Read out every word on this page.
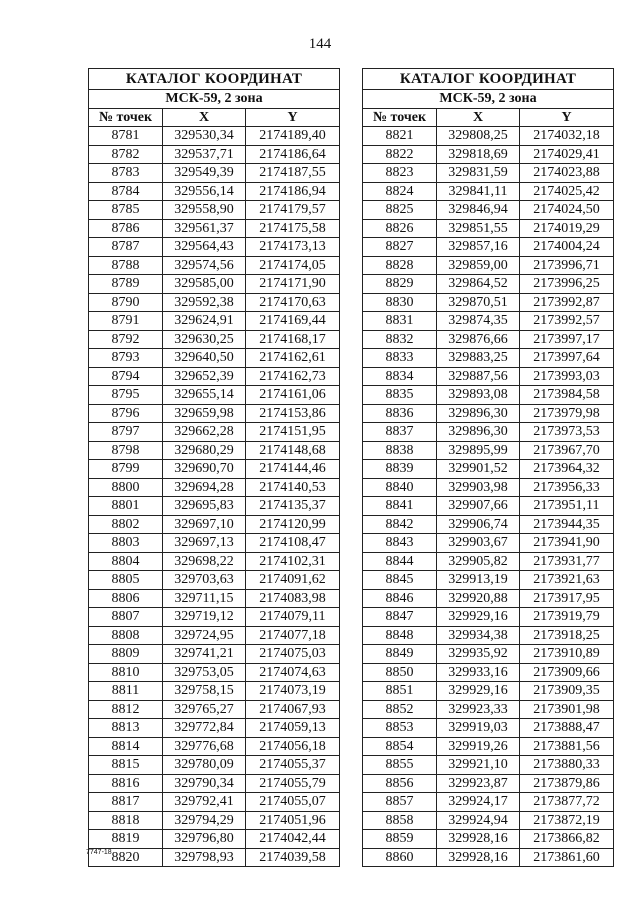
144
КАТАЛОГ КООРДИНАТ		
МСК-59, 2 зона		
№ точек	X	Y
8781	329530,34	2174189,40
8782	329537,71	2174186,64
8783	329549,39	2174187,55
8784	329556,14	2174186,94
8785	329558,90	2174179,57
8786	329561,37	2174175,58
8787	329564,43	2174173,13
8788	329574,56	2174174,05
8789	329585,00	2174171,90
8790	329592,38	2174170,63
8791	329624,91	2174169,44
8792	329630,25	2174168,17
8793	329640,50	2174162,61
8794	329652,39	2174162,73
8795	329655,14	2174161,06
8796	329659,98	2174153,86
8797	329662,28	2174151,95
8798	329680,29	2174148,68
8799	329690,70	2174144,46
8800	329694,28	2174140,53
8801	329695,83	2174135,37
8802	329697,10	2174120,99
8803	329697,13	2174108,47
8804	329698,22	2174102,31
8805	329703,63	2174091,62
8806	329711,15	2174083,98
8807	329719,12	2174079,11
8808	329724,95	2174077,18
8809	329741,21	2174075,03
8810	329753,05	2174074,63
8811	329758,15	2174073,19
8812	329765,27	2174067,93
8813	329772,84	2174059,13
8814	329776,68	2174056,18
8815	329780,09	2174055,37
8816	329790,34	2174055,79
8817	329792,41	2174055,07
8818	329794,29	2174051,96
8819	329796,80	2174042,44
8820	329798,93	2174039,58
КАТАЛОГ КООРДИНАТ		
МСК-59, 2 зона		
№ точек	X	Y
8821	329808,25	2174032,18
8822	329818,69	2174029,41
8823	329831,59	2174023,88
8824	329841,11	2174025,42
8825	329846,94	2174024,50
8826	329851,55	2174019,29
8827	329857,16	2174004,24
8828	329859,00	2173996,71
8829	329864,52	2173996,25
8830	329870,51	2173992,87
8831	329874,35	2173992,57
8832	329876,66	2173997,17
8833	329883,25	2173997,64
8834	329887,56	2173993,03
8835	329893,08	2173984,58
8836	329896,30	2173979,98
8837	329896,30	2173973,53
8838	329895,99	2173967,70
8839	329901,52	2173964,32
8840	329903,98	2173956,33
8841	329907,66	2173951,11
8842	329906,74	2173944,35
8843	329903,67	2173941,90
8844	329905,82	2173931,77
8845	329913,19	2173921,63
8846	329920,88	2173917,95
8847	329929,16	2173919,79
8848	329934,38	2173918,25
8849	329935,92	2173910,89
8850	329933,16	2173909,66
8851	329929,16	2173909,35
8852	329923,33	2173901,98
8853	329919,03	2173888,47
8854	329919,26	2173881,56
8855	329921,10	2173880,33
8856	329923,87	2173879,86
8857	329924,17	2173877,72
8858	329924,94	2173872,19
8859	329928,16	2173866,82
8860	329928,16	2173861,60
7747-18
